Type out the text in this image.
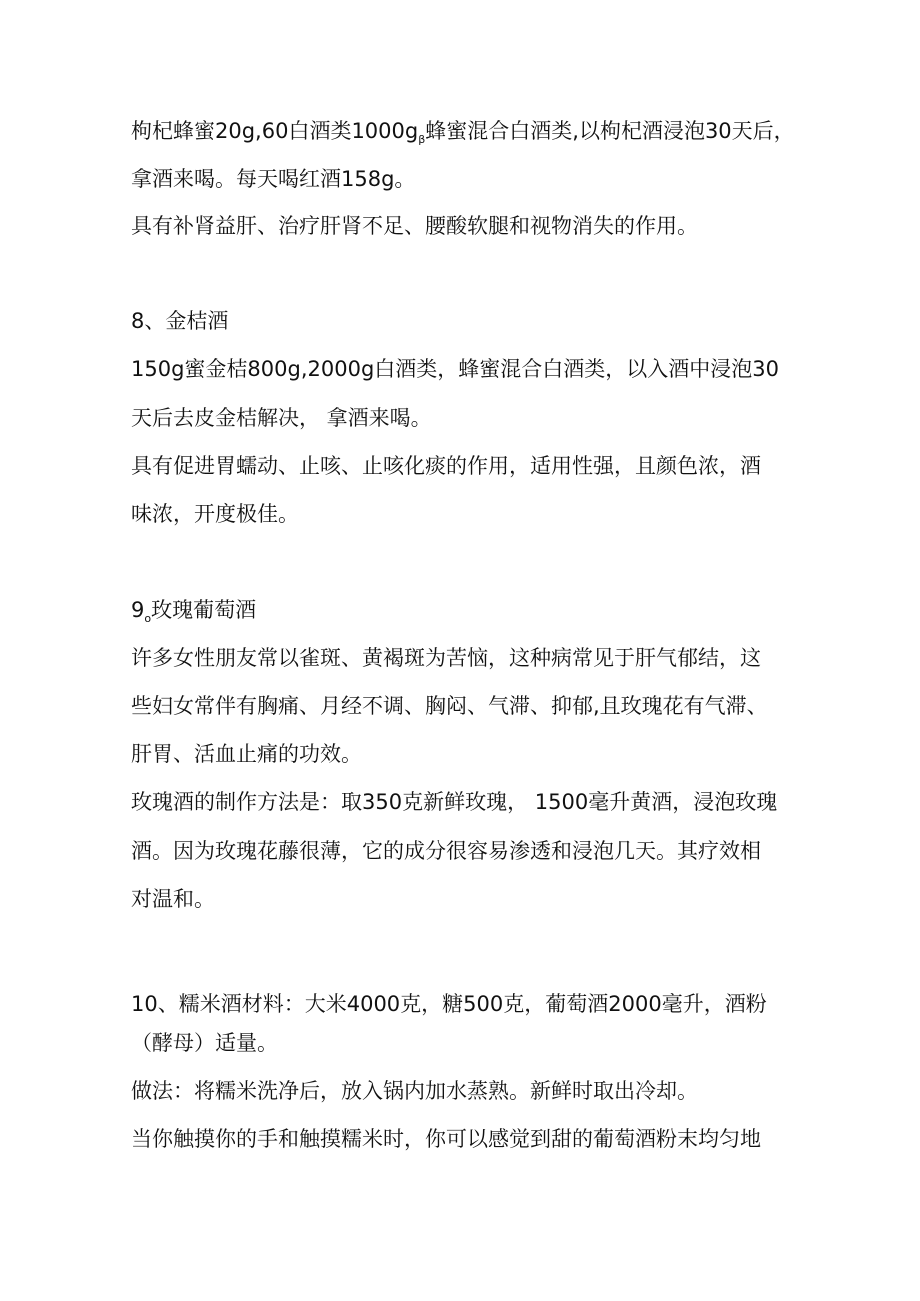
枸杞蜂蜜20g,60白酒类$1000g_\beta$蜂蜜混合白酒类,以枸杞酒浸泡30天后，

拿酒来喝。每天喝红酒158g。

具有补肾益肝、治疗肝肾不足、腰酸软腿和视物消失的作用。

8、金桔酒

150g蜜金桔800g,2000g白酒类，蜂蜜混合白酒类，以入酒中浸泡30

天后去皮金桔解决， 拿酒来喝。

具有促进胃蠕动、止咳、止咳化痰的作用，适用性强，且颜色浓，酒

味浓，开度极佳。

$9_o$玫瑰葡萄酒

许多女性朋友常以雀斑、黄褐斑为苦恼，这种病常见于肝气郁结，这

些妇女常伴有胸痛、月经不调、胸闷、气滞、抑郁,且玫瑰花有气滞、

肝胃、活血止痛的功效。

玫瑰酒的制作方法是：取350克新鲜玫瑰， 1500毫升黄酒，浸泡玫瑰

酒。因为玫瑰花藤很薄，它的成分很容易渗透和浸泡几天。其疗效相

对温和。

10、糯米酒材料：大米4000克，糖500克，葡萄酒2000毫升，酒粉

（酵母）适量。

做法：将糯米洗净后，放入锅内加水蒸熟。新鲜时取出冷却。

当你触摸你的手和触摸糯米时，你可以感觉到甜的葡萄酒粉末均匀地
